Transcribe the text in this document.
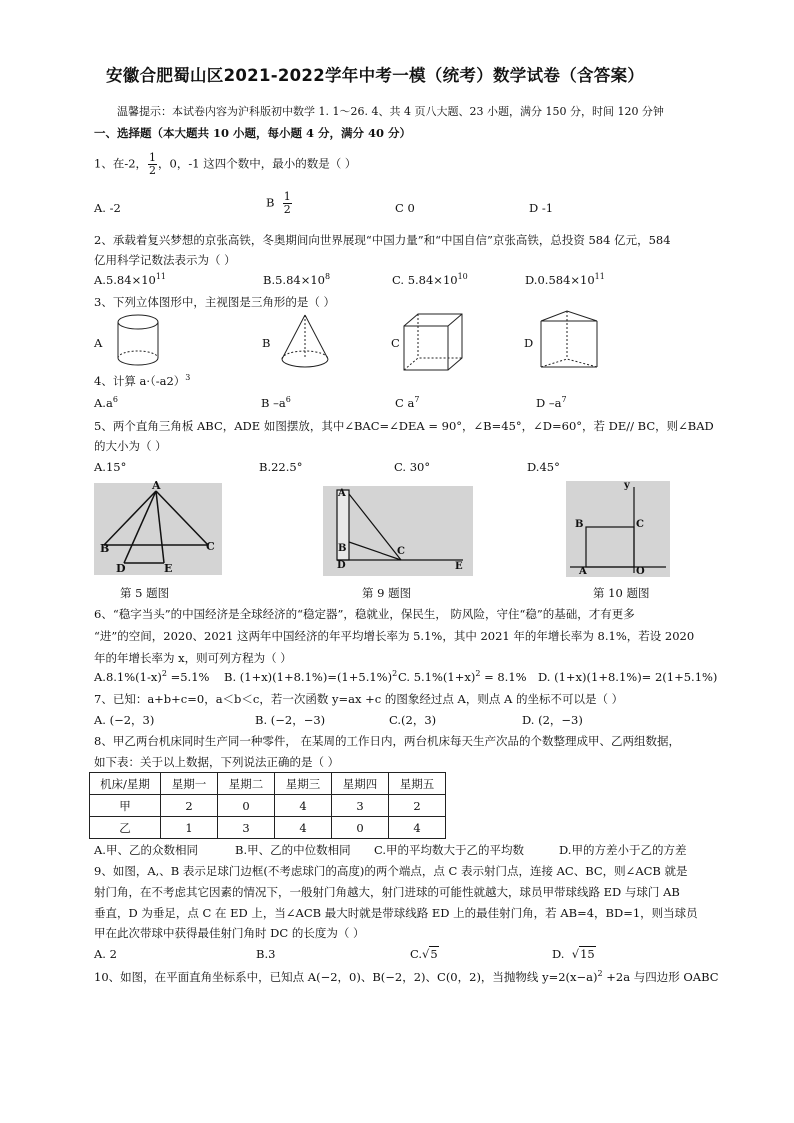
安徽合肥蜀山区2021-2022学年中考一模（统考）数学试卷（含答案）
温馨提示：本试卷内容为沪科版初中数学 1. 1～26. 4、共 4 页八大题、23 小题，满分 150 分，时间 120 分钟
一、选择题（本大题共 10 小题，每小题 4 分，满分 40 分）
1、在-2， $\frac{1}{2}$ ，0，-1 这四个数中，最小的数是（ ）
A. -2	B $\frac{1}{2}$	C 0	D -1
2、承载着复兴梦想的京张高铁，冬奥期间向世界展现“中国力量”和“中国自信”京张高铁，总投资 584 亿元，584
亿用科学记数法表示为（ ）
$A.5.84\times 10^{11}$	$B.5.84\times 10^8$	C. $5.84\times 10^{10}$	$D.0.584\times 10^{11}$
3、下列立体图形中，主视图是三角形的是（ ）
A	B	C	D
4、计算 $a\cdot(-a2)^3$
$A.a^6$	B $-a^6$	C $a^7$	D $-a^7$
5、两个直角三角板 ABC，ADE 如图摆放，其中∠BAC=∠DEA = 90°，∠B=45°，∠D=60°，若 DE// BC，则∠BAD
的大小为（ ）
A.15°	B.22.5°	C. 30°	D.45°
A
B	C
D	E
第 5 题图
A
B	C
D	E
第 9 题图
y
B	C
A	O
第 10 题图
6、“稳字当头”的中国经济是全球经济的“稳定器”，稳就业，保民生， 防风险，守住“稳”的基础，才有更多
“进”的空间，2020、2021 这两年中国经济的年平均增长率为 5.1%，其中 2021 年的年增长率为 8.1%，若设 2020
年的年增长率为 x，则可列方程为（ ）
$A.8.1\%(1-x)^2 =5.1\%$ B. $(1+x)(1+8.1\%)=(1+5.1\%)^2$ C. $5.1\%(1+x)^2 = 8.1\%$ D. (1+x)(1+8.1%)= 2(1+5.1%)
7、已知：a+b+c=0，a＜b＜c，若一次函数 y=ax +c 的图象经过点 A，则点 A 的坐标不可以是（ ）
A. (−2，3)	B. (−2，−3)	C.(2，3)	D. (2，−3)
8、甲乙两台机床同时生产同一种零件， 在某周的工作日内，两台机床每天生产次品的个数整理成甲、乙两组数据，
如下表：关于以上数据，下列说法正确的是（ ）
机床/星期	星期一	星期二	星期三	星期四	星期五
甲	2	0	4	3	2
乙	1	3	4	0	4
A.甲、乙的众数相同	B.甲、乙的中位数相同 C.甲的平均数大于乙的平均数	D.甲的方差小于乙的方差
9、如图，A,、B 表示足球门边框(不考虑球门的高度)的两个端点，点 C 表示射门点，连接 AC、BC，则∠ACB 就是
射门角，在不考虑其它因素的情况下，一般射门角越大，射门进球的可能性就越大，球员甲带球线路 ED 与球门 AB
垂直，D 为垂足，点 C 在 ED 上，当∠ACB 最大时就是带球线路 ED 上的最佳射门角，若 AB=4，BD=1，则当球员
甲在此次带球中获得最佳射门角时 DC 的长度为（ ）
A. 2	B.3	C.√5	D. √15
10、如图，在平面直角坐标系中，已知点 A(−2，0)、B(−2，2)、C(0，2)，当抛物线 $y=2(x-a)^2 +2a$ 与四边形 OABC
